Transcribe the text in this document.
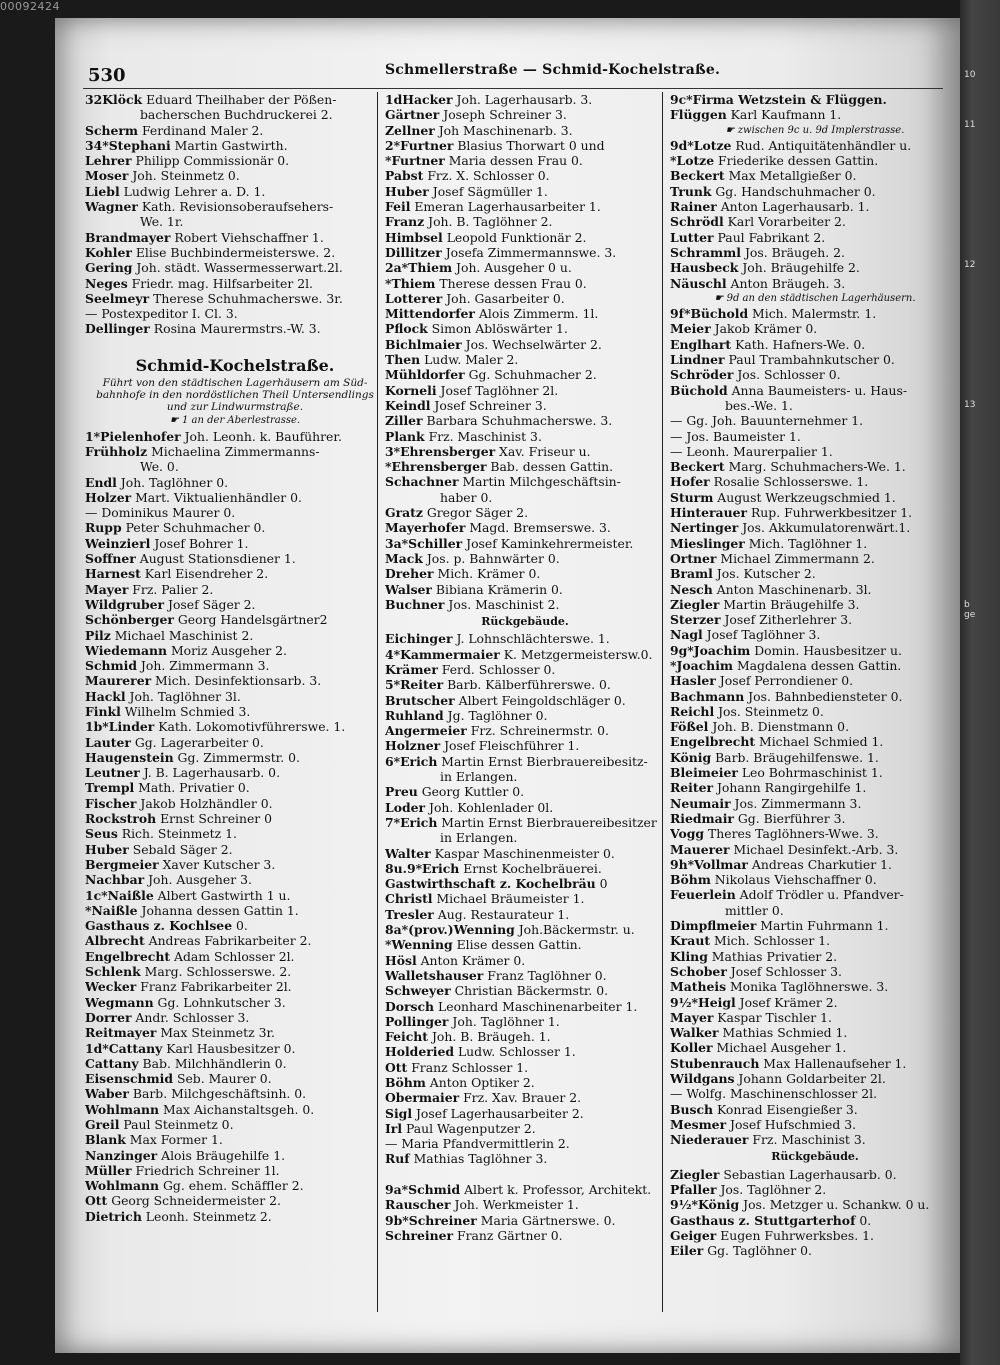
00092424
530	Schmellerstraße — Schmid-Kochelstraße.
32Klöck Eduard Theilhaber der Pößen-
bacherschen Buchdruckerei 2.
Scherm Ferdinand Maler 2.
34*Stephani Martin Gastwirth.
Lehrer Philipp Commissionär 0.
Moser Joh. Steinmetz 0.
Liebl Ludwig Lehrer a. D. 1.
Wagner Kath. Revisionsoberaufsehers-
We. 1r.
Brandmayer Robert Viehschaffner 1.
Kohler Elise Buchbindermeisterswe. 2.
Gering Joh. städt. Wassermesserwart.2l.
Neges Friedr. mag. Hilfsarbeiter 2l.
Seelmeyr Therese Schuhmacherswe. 3r.
— Postexpeditor I. Cl. 3.
Dellinger Rosina Maurermstrs.-W. 3.
Schmid-Kochelstraße.
Führt von den städtischen Lagerhäusern am Süd-bahnhofe in den nordöstlichen Theil Untersendlings und zur Lindwurmstraße.
☛ 1 an der Aberlestrasse.
1*Pielenhofer Joh. Leonh. k. Bauführer.
Frühholz Michaelina Zimmermanns-
We. 0.
Endl Joh. Taglöhner 0.
Holzer Mart. Viktualienhändler 0.
— Dominikus Maurer 0.
Rupp Peter Schuhmacher 0.
Weinzierl Josef Bohrer 1.
Soffner August Stationsdiener 1.
Harnest Karl Eisendreher 2.
Mayer Frz. Palier 2.
Wildgruber Josef Säger 2.
Schönberger Georg Handelsgärtner2
Pilz Michael Maschinist 2.
Wiedemann Moriz Ausgeher 2.
Schmid Joh. Zimmermann 3.
Maurerer Mich. Desinfektionsarb. 3.
Hackl Joh. Taglöhner 3l.
Finkl Wilhelm Schmied 3.
1b*Linder Kath. Lokomotivführerswe. 1.
Lauter Gg. Lagerarbeiter 0.
Haugenstein Gg. Zimmermstr. 0.
Leutner J. B. Lagerhausarb. 0.
Trempl Math. Privatier 0.
Fischer Jakob Holzhändler 0.
Rockstroh Ernst Schreiner 0
Seus Rich. Steinmetz 1.
Huber Sebald Säger 2.
Bergmeier Xaver Kutscher 3.
Nachbar Joh. Ausgeher 3.
1c*Naißle Albert Gastwirth 1 u.
*Naißle Johanna dessen Gattin 1.
Gasthaus z. Kochlsee 0.
Albrecht Andreas Fabrikarbeiter 2.
Engelbrecht Adam Schlosser 2l.
Schlenk Marg. Schlosserswe. 2.
Wecker Franz Fabrikarbeiter 2l.
Wegmann Gg. Lohnkutscher 3.
Dorrer Andr. Schlosser 3.
Reitmayer Max Steinmetz 3r.
1d*Cattany Karl Hausbesitzer 0.
Cattany Bab. Milchhändlerin 0.
Eisenschmid Seb. Maurer 0.
Waber Barb. Milchgeschäftsinh. 0.
Wohlmann Max Aichanstaltsgeh. 0.
Greil Paul Steinmetz 0.
Blank Max Former 1.
Nanzinger Alois Bräugehilfe 1.
Müller Friedrich Schreiner 1l.
Wohlmann Gg. ehem. Schäffler 2.
Ott Georg Schneidermeister 2.
Dietrich Leonh. Steinmetz 2.
1dHacker Joh. Lagerhausarb. 3.
Gärtner Joseph Schreiner 3.
Zellner Joh Maschinenarb. 3.
2*Furtner Blasius Thorwart 0 und
*Furtner Maria dessen Frau 0.
Pabst Frz. X. Schlosser 0.
Huber Josef Sägmüller 1.
Feil Emeran Lagerhausarbeiter 1.
Franz Joh. B. Taglöhner 2.
Himbsel Leopold Funktionär 2.
Dillitzer Josefa Zimmermannswe. 3.
2a*Thiem Joh. Ausgeher 0 u.
*Thiem Therese dessen Frau 0.
Lotterer Joh. Gasarbeiter 0.
Mittendorfer Alois Zimmerm. 1l.
Pflock Simon Ablöswärter 1.
Bichlmaier Jos. Wechselwärter 2.
Then Ludw. Maler 2.
Mühldorfer Gg. Schuhmacher 2.
Korneli Josef Taglöhner 2l.
Keindl Josef Schreiner 3.
Ziller Barbara Schuhmacherswe. 3.
Plank Frz. Maschinist 3.
3*Ehrensberger Xav. Friseur u.
*Ehrensberger Bab. dessen Gattin.
Schachner Martin Milchgeschäftsin-
haber 0.
Gratz Gregor Säger 2.
Mayerhofer Magd. Bremserswe. 3.
3a*Schiller Josef Kaminkehrermeister.
Mack Jos. p. Bahnwärter 0.
Dreher Mich. Krämer 0.
Walser Bibiana Krämerin 0.
Buchner Jos. Maschinist 2.
Rückgebäude.
Eichinger J. Lohnschlächterswe. 1.
4*Kammermaier K. Metzgermeistersw.0.
Krämer Ferd. Schlosser 0.
5*Reiter Barb. Kälberführerswe. 0.
Brutscher Albert Feingoldschläger 0.
Ruhland Jg. Taglöhner 0.
Angermeier Frz. Schreinermstr. 0.
Holzner Josef Fleischführer 1.
6*Erich Martin Ernst Bierbrauereibesitz-
in Erlangen.
Preu Georg Kuttler 0.
Loder Joh. Kohlenlader 0l.
7*Erich Martin Ernst Bierbrauereibesitzer
in Erlangen.
Walter Kaspar Maschinenmeister 0.
8u.9*Erich Ernst Kochelbräuerei.
Gastwirthschaft z. Kochelbräu 0
Christl Michael Bräumeister 1.
Tresler Aug. Restaurateur 1.
8a*(prov.)Wenning Joh.Bäckermstr. u.
*Wenning Elise dessen Gattin.
Hösl Anton Krämer 0.
Walletshauser Franz Taglöhner 0.
Schweyer Christian Bäckermstr. 0.
Dorsch Leonhard Maschinenarbeiter 1.
Pollinger Joh. Taglöhner 1.
Feicht Joh. B. Bräugeh. 1.
Holderied Ludw. Schlosser 1.
Ott Franz Schlosser 1.
Böhm Anton Optiker 2.
Obermaier Frz. Xav. Brauer 2.
Sigl Josef Lagerhausarbeiter 2.
Irl Paul Wagenputzer 2.
— Maria Pfandvermittlerin 2.
Ruf Mathias Taglöhner 3.
9a*Schmid Albert k. Professor, Architekt.
Rauscher Joh. Werkmeister 1.
9b*Schreiner Maria Gärtnerswe. 0.
Schreiner Franz Gärtner 0.
9c*Firma Wetzstein & Flüggen.
Flüggen Karl Kaufmann 1.
☛ zwischen 9c u. 9d Implerstrasse.
9d*Lotze Rud. Antiquitätenhändler u.
*Lotze Friederike dessen Gattin.
Beckert Max Metallgießer 0.
Trunk Gg. Handschuhmacher 0.
Rainer Anton Lagerhausarb. 1.
Schrödl Karl Vorarbeiter 2.
Lutter Paul Fabrikant 2.
Schramml Jos. Bräugeh. 2.
Hausbeck Joh. Bräugehilfe 2.
Näuschl Anton Bräugeh. 3.
☛ 9d an den städtischen Lagerhäusern.
9f*Büchold Mich. Malermstr. 1.
Meier Jakob Krämer 0.
Englhart Kath. Hafners-We. 0.
Lindner Paul Trambahnkutscher 0.
Schröder Jos. Schlosser 0.
Büchold Anna Baumeisters- u. Haus-
bes.-We. 1.
— Gg. Joh. Bauunternehmer 1.
— Jos. Baumeister 1.
— Leonh. Maurerpalier 1.
Beckert Marg. Schuhmachers-We. 1.
Hofer Rosalie Schlosserswe. 1.
Sturm August Werkzeugschmied 1.
Hinterauer Rup. Fuhrwerkbesitzer 1.
Nertinger Jos. Akkumulatorenwärt.1.
Mieslinger Mich. Taglöhner 1.
Ortner Michael Zimmermann 2.
Braml Jos. Kutscher 2.
Nesch Anton Maschinenarb. 3l.
Ziegler Martin Bräugehilfe 3.
Sterzer Josef Zitherlehrer 3.
Nagl Josef Taglöhner 3.
9g*Joachim Domin. Hausbesitzer u.
*Joachim Magdalena dessen Gattin.
Hasler Josef Perrondiener 0.
Bachmann Jos. Bahnbediensteter 0.
Reichl Jos. Steinmetz 0.
Fößel Joh. B. Dienstmann 0.
Engelbrecht Michael Schmied 1.
König Barb. Bräugehilfenswe. 1.
Bleimeier Leo Bohrmaschinist 1.
Reiter Johann Rangirgehilfe 1.
Neumair Jos. Zimmermann 3.
Riedmair Gg. Bierführer 3.
Vogg Theres Taglöhners-Wwe. 3.
Mauerer Michael Desinfekt.-Arb. 3.
9h*Vollmar Andreas Charkutier 1.
Böhm Nikolaus Viehschaffner 0.
Feuerlein Adolf Trödler u. Pfandver-
mittler 0.
Dimpflmeier Martin Fuhrmann 1.
Kraut Mich. Schlosser 1.
Kling Mathias Privatier 2.
Schober Josef Schlosser 3.
Matheis Monika Taglöhnerswe. 3.
9½*Heigl Josef Krämer 2.
Mayer Kaspar Tischler 1.
Walker Mathias Schmied 1.
Koller Michael Ausgeher 1.
Stubenrauch Max Hallenaufseher 1.
Wildgans Johann Goldarbeiter 2l.
— Wolfg. Maschinenschlosser 2l.
Busch Konrad Eisengießer 3.
Mesmer Josef Hufschmied 3.
Niederauer Frz. Maschinist 3.
Rückgebäude.
Ziegler Sebastian Lagerhausarb. 0.
Pfaller Jos. Taglöhner 2.
9½*König Jos. Metzger u. Schankw. 0 u.
Gasthaus z. Stuttgarterhof 0.
Geiger Eugen Fuhrwerksbes. 1.
Eiler Gg. Taglöhner 0.
10
11
12
13
b
ge
